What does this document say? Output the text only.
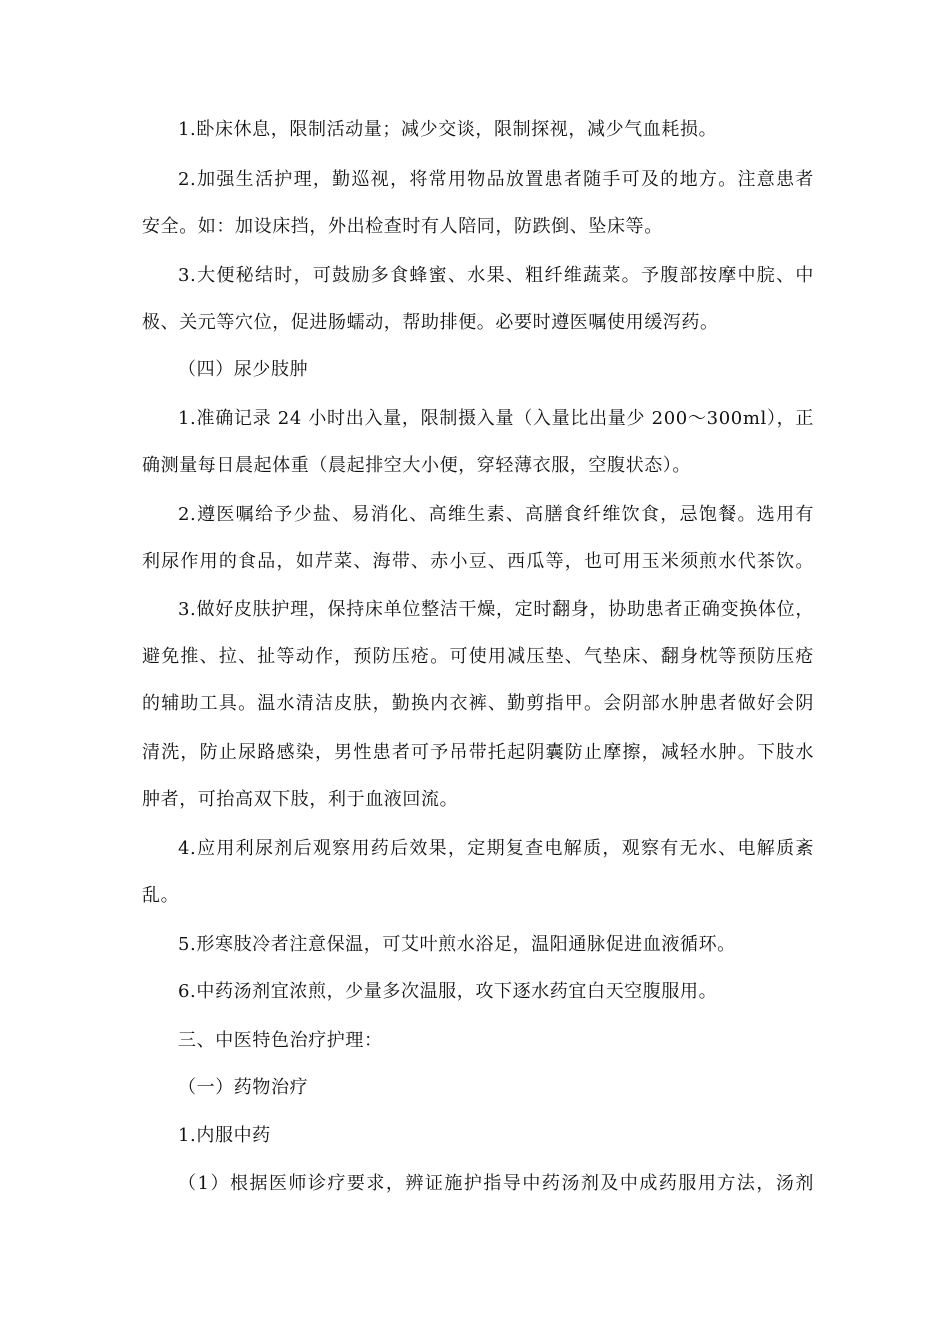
1.卧床休息，限制活动量；减少交谈，限制探视，减少气血耗损。
2.加强生活护理，勤巡视，将常用物品放置患者随手可及的地方。注意患者
安全。如：加设床挡，外出检查时有人陪同，防跌倒、坠床等。
3.大便秘结时，可鼓励多食蜂蜜、水果、粗纤维蔬菜。予腹部按摩中脘、中
极、关元等穴位，促进肠蠕动，帮助排便。必要时遵医嘱使用缓泻药。
（四）尿少肢肿
1.准确记录 24 小时出入量，限制摄入量（入量比出量少 200～300ml），正
确测量每日晨起体重（晨起排空大小便，穿轻薄衣服，空腹状态）。
2.遵医嘱给予少盐、易消化、高维生素、高膳食纤维饮食，忌饱餐。选用有
利尿作用的食品，如芹菜、海带、赤小豆、西瓜等，也可用玉米须煎水代茶饮。
3.做好皮肤护理，保持床单位整洁干燥，定时翻身，协助患者正确变换体位，
避免推、拉、扯等动作，预防压疮。可使用减压垫、气垫床、翻身枕等预防压疮
的辅助工具。温水清洁皮肤，勤换内衣裤、勤剪指甲。会阴部水肿患者做好会阴
清洗，防止尿路感染，男性患者可予吊带托起阴囊防止摩擦，减轻水肿。下肢水
肿者，可抬高双下肢，利于血液回流。
4.应用利尿剂后观察用药后效果，定期复查电解质，观察有无水、电解质紊
乱。
5.形寒肢冷者注意保温，可艾叶煎水浴足，温阳通脉促进血液循环。
6.中药汤剂宜浓煎，少量多次温服，攻下逐水药宜白天空腹服用。
三、中医特色治疗护理：
（一）药物治疗
1.内服中药
（1）根据医师诊疗要求，辨证施护指导中药汤剂及中成药服用方法，汤剂
